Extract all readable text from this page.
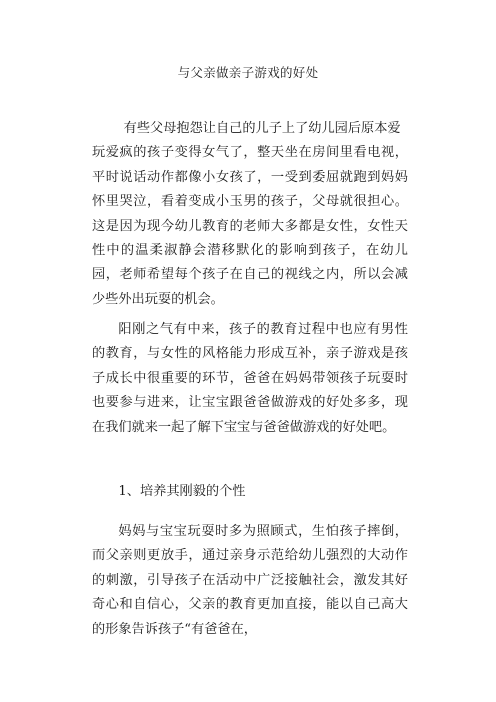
与父亲做亲子游戏的好处
有些父母抱怨让自己的儿子上了幼儿园后原本爱
玩爱疯的孩子变得女气了，整天坐在房间里看电视，平时说话动作都像小女孩了，一受到委屈就跑到妈妈怀里哭泣，看着变成小玉男的孩子，父母就很担心。这是因为现今幼儿教育的老师大多都是女性，女性天性中的温柔淑静会潜移默化的影响到孩子，在幼儿园，老师希望每个孩子在自己的视线之内，所以会减少些外出玩耍的机会。
阳刚之气有中来，孩子的教育过程中也应有男性的教育，与女性的风格能力形成互补，亲子游戏是孩子成长中很重要的环节，爸爸在妈妈带领孩子玩耍时也要参与进来，让宝宝跟爸爸做游戏的好处多多，现在我们就来一起了解下宝宝与爸爸做游戏的好处吧。
1、培养其刚毅的个性
妈妈与宝宝玩耍时多为照顾式，生怕孩子摔倒，而父亲则更放手，通过亲身示范给幼儿强烈的大动作的刺激，引导孩子在活动中广泛接触社会，激发其好奇心和自信心，父亲的教育更加直接，能以自己高大的形象告诉孩子“有爸爸在，
